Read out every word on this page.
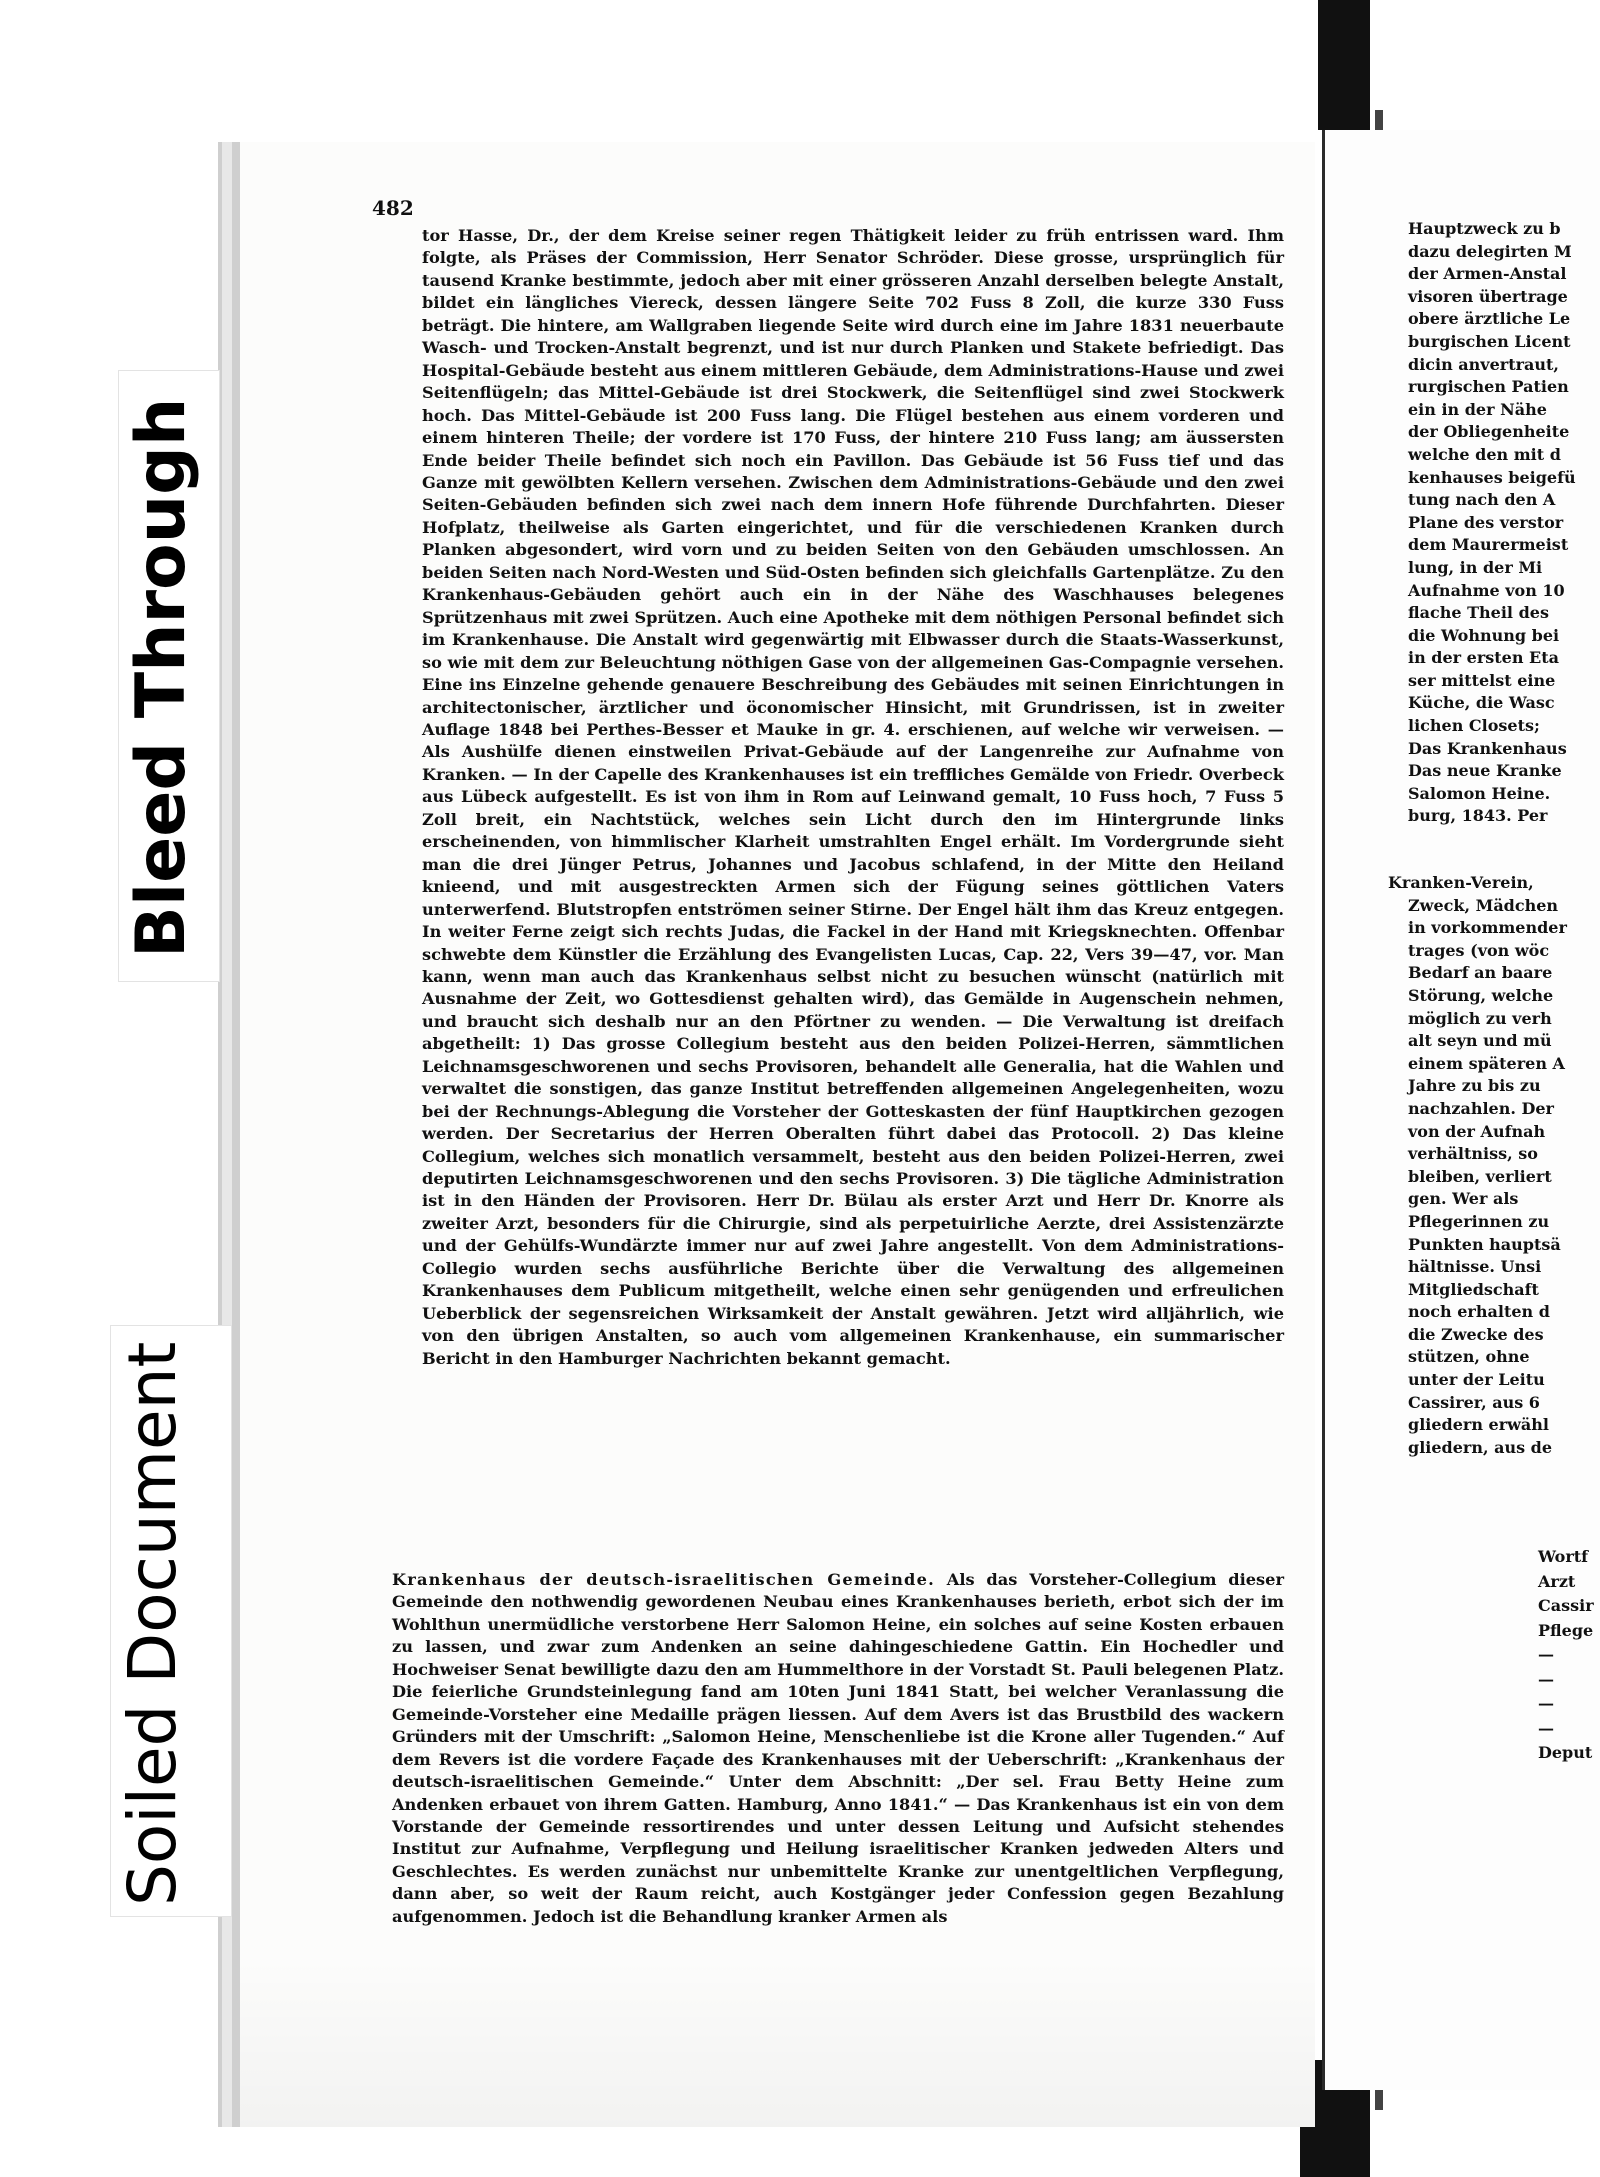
Bleed Through
Soiled Document
482

tor Hasse, Dr., der dem Kreise seiner regen Thätigkeit leider zu früh entrissen ward. Ihm folgte, als Präses der Commission, Herr Senator Schröder. Diese grosse, ursprünglich für tausend Kranke bestimmte, jedoch aber mit einer grösseren Anzahl derselben belegte Anstalt, bildet ein längliches Viereck, dessen längere Seite 702 Fuss 8 Zoll, die kurze 330 Fuss beträgt. Die hintere, am Wallgraben liegende Seite wird durch eine im Jahre 1831 neuerbaute Wasch- und Trocken-Anstalt begrenzt, und ist nur durch Planken und Stakete befriedigt. Das Hospital-Gebäude besteht aus einem mittleren Gebäude, dem Administrations-Hause und zwei Seitenflügeln; das Mittel-Gebäude ist drei Stockwerk, die Seitenflügel sind zwei Stockwerk hoch. Das Mittel-Gebäude ist 200 Fuss lang. Die Flügel bestehen aus einem vorderen und einem hinteren Theile; der vordere ist 170 Fuss, der hintere 210 Fuss lang; am äussersten Ende beider Theile befindet sich noch ein Pavillon. Das Gebäude ist 56 Fuss tief und das Ganze mit gewölbten Kellern versehen. Zwischen dem Administrations-Gebäude und den zwei Seiten-Gebäuden befinden sich zwei nach dem innern Hofe führende Durchfahrten. Dieser Hofplatz, theilweise als Garten eingerichtet, und für die verschiedenen Kranken durch Planken abgesondert, wird vorn und zu beiden Seiten von den Gebäuden umschlossen. An beiden Seiten nach Nord-Westen und Süd-Osten befinden sich gleichfalls Gartenplätze. Zu den Krankenhaus-Gebäuden gehört auch ein in der Nähe des Waschhauses belegenes Sprützenhaus mit zwei Sprützen. Auch eine Apotheke mit dem nöthigen Personal befindet sich im Krankenhause. Die Anstalt wird gegenwärtig mit Elbwasser durch die Staats-Wasserkunst, so wie mit dem zur Beleuchtung nöthigen Gase von der allgemeinen Gas-Compagnie versehen. Eine ins Einzelne gehende genauere Beschreibung des Gebäudes mit seinen Einrichtungen in architectonischer, ärztlicher und öconomischer Hinsicht, mit Grundrissen, ist in zweiter Auflage 1848 bei Perthes-Besser et Mauke in gr. 4. erschienen, auf welche wir verweisen. — Als Aushülfe dienen einstweilen Privat-Gebäude auf der Langenreihe zur Aufnahme von Kranken. — In der Capelle des Krankenhauses ist ein treffliches Gemälde von Friedr. Overbeck aus Lübeck aufgestellt. Es ist von ihm in Rom auf Leinwand gemalt, 10 Fuss hoch, 7 Fuss 5 Zoll breit, ein Nachtstück, welches sein Licht durch den im Hintergrunde links erscheinenden, von himmlischer Klarheit umstrahlten Engel erhält. Im Vordergrunde sieht man die drei Jünger Petrus, Johannes und Jacobus schlafend, in der Mitte den Heiland knieend, und mit ausgestreckten Armen sich der Fügung seines göttlichen Vaters unterwerfend. Blutstropfen entströmen seiner Stirne. Der Engel hält ihm das Kreuz entgegen. In weiter Ferne zeigt sich rechts Judas, die Fackel in der Hand mit Kriegsknechten. Offenbar schwebte dem Künstler die Erzählung des Evangelisten Lucas, Cap. 22, Vers 39—47, vor. Man kann, wenn man auch das Krankenhaus selbst nicht zu besuchen wünscht (natürlich mit Ausnahme der Zeit, wo Gottesdienst gehalten wird), das Gemälde in Augenschein nehmen, und braucht sich deshalb nur an den Pförtner zu wenden. — Die Verwaltung ist dreifach abgetheilt: 1) Das grosse Collegium besteht aus den beiden Polizei-Herren, sämmtlichen Leichnamsgeschworenen und sechs Provisoren, behandelt alle Generalia, hat die Wahlen und verwaltet die sonstigen, das ganze Institut betreffenden allgemeinen Angelegenheiten, wozu bei der Rechnungs-Ablegung die Vorsteher der Gotteskasten der fünf Hauptkirchen gezogen werden. Der Secretarius der Herren Oberalten führt dabei das Protocoll. 2) Das kleine Collegium, welches sich monatlich versammelt, besteht aus den beiden Polizei-Herren, zwei deputirten Leichnamsgeschworenen und den sechs Provisoren. 3) Die tägliche Administration ist in den Händen der Provisoren. Herr Dr. Bülau als erster Arzt und Herr Dr. Knorre als zweiter Arzt, besonders für die Chirurgie, sind als perpetuirliche Aerzte, drei Assistenzärzte und der Gehülfs-Wundärzte immer nur auf zwei Jahre angestellt. Von dem Administrations-Collegio wurden sechs ausführliche Berichte über die Verwaltung des allgemeinen Krankenhauses dem Publicum mitgetheilt, welche einen sehr genügenden und erfreulichen Ueberblick der segensreichen Wirksamkeit der Anstalt gewähren. Jetzt wird alljährlich, wie von den übrigen Anstalten, so auch vom allgemeinen Krankenhause, ein summarischer Bericht in den Hamburger Nachrichten bekannt gemacht.

Krankenhaus der deutsch-israelitischen Gemeinde. Als das Vorsteher-Collegium dieser Gemeinde den nothwendig gewordenen Neubau eines Krankenhauses berieth, erbot sich der im Wohlthun unermüdliche verstorbene Herr Salomon Heine, ein solches auf seine Kosten erbauen zu lassen, und zwar zum Andenken an seine dahingeschiedene Gattin. Ein Hochedler und Hochweiser Senat bewilligte dazu den am Hummelthore in der Vorstadt St. Pauli belegenen Platz. Die feierliche Grundsteinlegung fand am 10ten Juni 1841 Statt, bei welcher Veranlassung die Gemeinde-Vorsteher eine Medaille prägen liessen. Auf dem Avers ist das Brustbild des wackern Gründers mit der Umschrift: „Salomon Heine, Menschenliebe ist die Krone aller Tugenden.“ Auf dem Revers ist die vordere Façade des Krankenhauses mit der Ueberschrift: „Krankenhaus der deutsch-israelitischen Gemeinde.“ Unter dem Abschnitt: „Der sel. Frau Betty Heine zum Andenken erbauet von ihrem Gatten. Hamburg, Anno 1841.“ — Das Krankenhaus ist ein von dem Vorstande der Gemeinde ressortirendes und unter dessen Leitung und Aufsicht stehendes Institut zur Aufnahme, Verpflegung und Heilung israelitischer Kranken jedweden Alters und Geschlechtes. Es werden zunächst nur unbemittelte Kranke zur unentgeltlichen Verpflegung, dann aber, so weit der Raum reicht, auch Kostgänger jeder Confession gegen Bezahlung aufgenommen. Jedoch ist die Behandlung kranker Armen als
Hauptzweck zu b
dazu delegirten M
der Armen-Anstal
visoren übertrage
obere ärztliche Le
burgischen Licent
dicin anvertraut,
rurgischen Patien
ein in der Nähe
der Obliegenheite
welche den mit d
kenhauses beigefü
tung nach den A
Plane des verstor
dem Maurermeist
lung, in der Mi
Aufnahme von 10
flache Theil des
die Wohnung bei
in der ersten Eta
ser mittelst eine
Küche, die Wasc
lichen Closets;
Das Krankenhaus
Das neue Kranke
Salomon Heine.
burg, 1843. Per
Kranken-Verein,
Zweck, Mädchen
in vorkommender
trages (von wöc
Bedarf an baare
Störung, welche
möglich zu verh
alt seyn und mü
einem späteren A
Jahre zu bis zu
nachzahlen. Der
von der Aufnah
verhältniss, so
bleiben, verliert
gen. Wer als
Pflegerinnen zu
Punkten hauptsä
hältnisse. Unsi
Mitgliedschaft
noch erhalten d
die Zwecke des
stützen, ohne
unter der Leitu
Cassirer, aus 6
gliedern erwähl
gliedern, aus de
Wortf
Arzt
Cassir
Pflege
—
—
—
—
Deput
